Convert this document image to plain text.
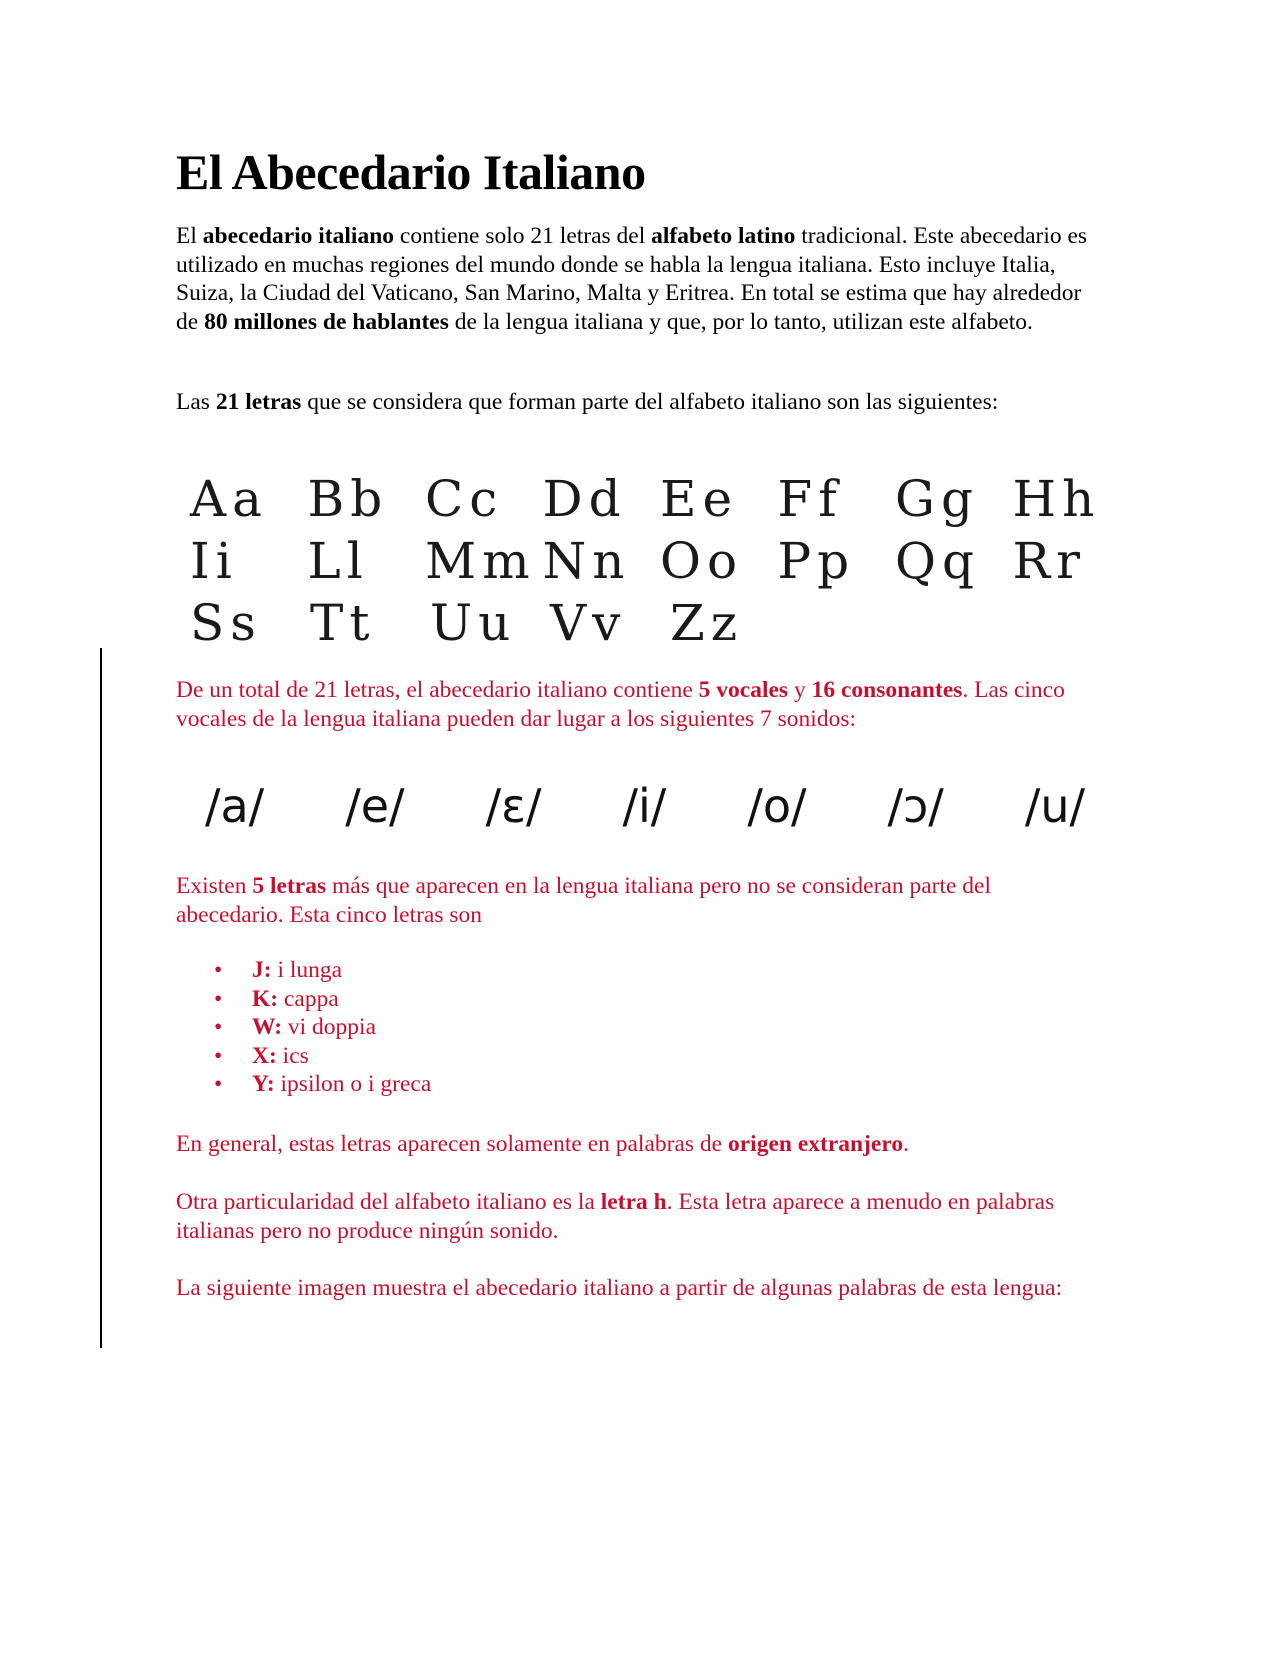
El Abecedario Italiano

El abecedario italiano contiene solo 21 letras del alfabeto latino tradicional. Este abecedario es utilizado en muchas regiones del mundo donde se habla la lengua italiana. Esto incluye Italia, Suiza, la Ciudad del Vaticano, San Marino, Malta y Eritrea. En total se estima que hay alrededor de 80 millones de hablantes de la lengua italiana y que, por lo tanto, utilizan este alfabeto.

Las 21 letras que se considera que forman parte del alfabeto italiano son las siguientes:

Aa Bb Cc Dd Ee Ff	Gg Hh
Ii	Ll	Mm Nn Oo Pp Qq Rr
Ss Tt	Uu Vv Zz

De un total de 21 letras, el abecedario italiano contiene 5 vocales y 16 consonantes. Las cinco vocales de la lengua italiana pueden dar lugar a los siguientes 7 sonidos:

/a/ /e/ /ɛ/ /i/ /o/ /ɔ/ /u/

Existen 5 letras más que aparecen en la lengua italiana pero no se consideran parte del abecedario. Esta cinco letras son

• J: i lunga
• K: cappa
• W: vi doppia
• X: ics
• Y: ipsilon o i greca

En general, estas letras aparecen solamente en palabras de origen extranjero.

Otra particularidad del alfabeto italiano es la letra h. Esta letra aparece a menudo en palabras italianas pero no produce ningún sonido.

La siguiente imagen muestra el abecedario italiano a partir de algunas palabras de esta lengua:
